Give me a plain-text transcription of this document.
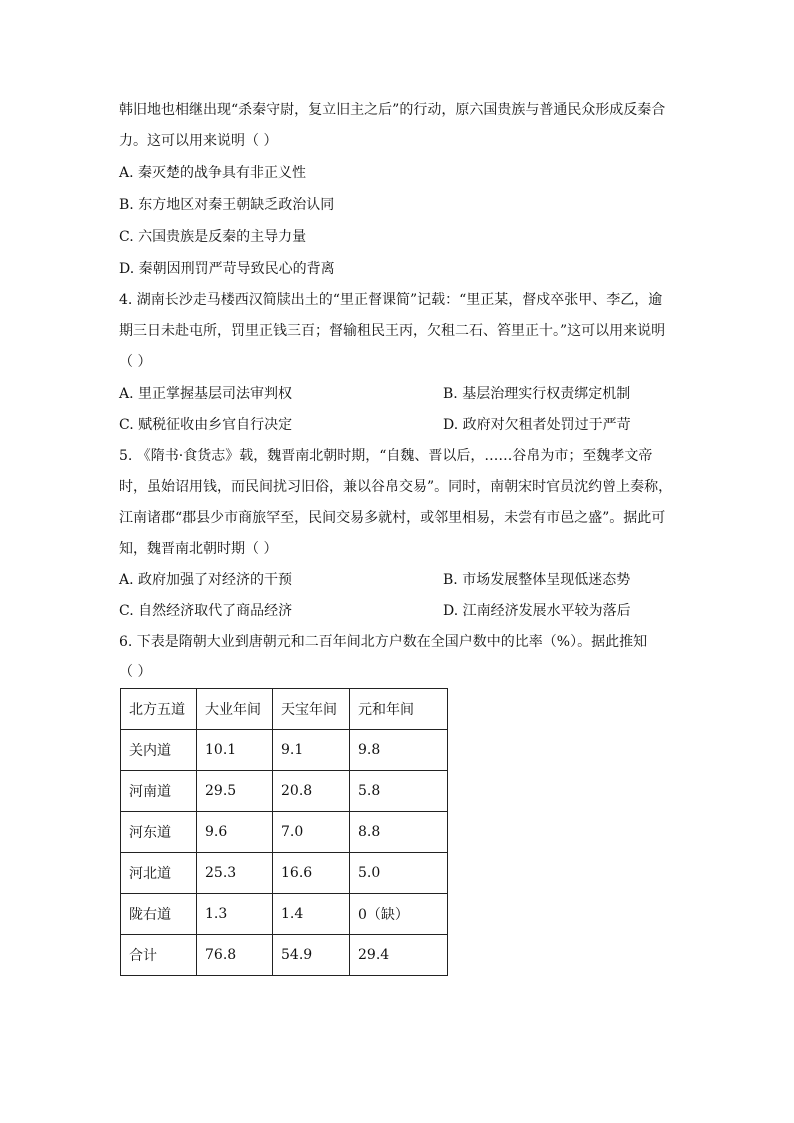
韩旧地也相继出现“杀秦守尉，复立旧主之后”的行动，原六国贵族与普通民众形成反秦合
力。这可以用来说明（ ）
A. 秦灭楚的战争具有非正义性
B. 东方地区对秦王朝缺乏政治认同
C. 六国贵族是反秦的主导力量
D. 秦朝因刑罚严苛导致民心的背离
4. 湖南长沙走马楼西汉简牍出土的“里正督课简”记载：“里正某，督戍卒张甲、李乙，逾
期三日未赴屯所，罚里正钱三百；督输租民王丙，欠租二石、笞里正十。”这可以用来说明
（ ）
A. 里正掌握基层司法审判权	B. 基层治理实行权责绑定机制
C. 赋税征收由乡官自行决定	D. 政府对欠租者处罚过于严苛
5. 《隋书·食货志》载，魏晋南北朝时期，“自魏、晋以后，……谷帛为市；至魏孝文帝
时，虽始诏用钱，而民间扰习旧俗，兼以谷帛交易”。同时，南朝宋时官员沈约曾上奏称，
江南诸郡“郡县少市商旅罕至，民间交易多就村，或邻里相易，未尝有市邑之盛”。据此可
知，魏晋南北朝时期（ ）
A. 政府加强了对经济的干预	B. 市场发展整体呈现低迷态势
C. 自然经济取代了商品经济	D. 江南经济发展水平较为落后
6. 下表是隋朝大业到唐朝元和二百年间北方户数在全国户数中的比率（%）。据此推知
（ ）
北方五道	大业年间	天宝年间	元和年间
关内道	10.1	9.1	9.8
河南道	29.5	20.8	5.8
河东道	9.6	7.0	8.8
河北道	25.3	16.6	5.0
陇右道	1.3	1.4	0（缺）
合计	76.8	54.9	29.4
